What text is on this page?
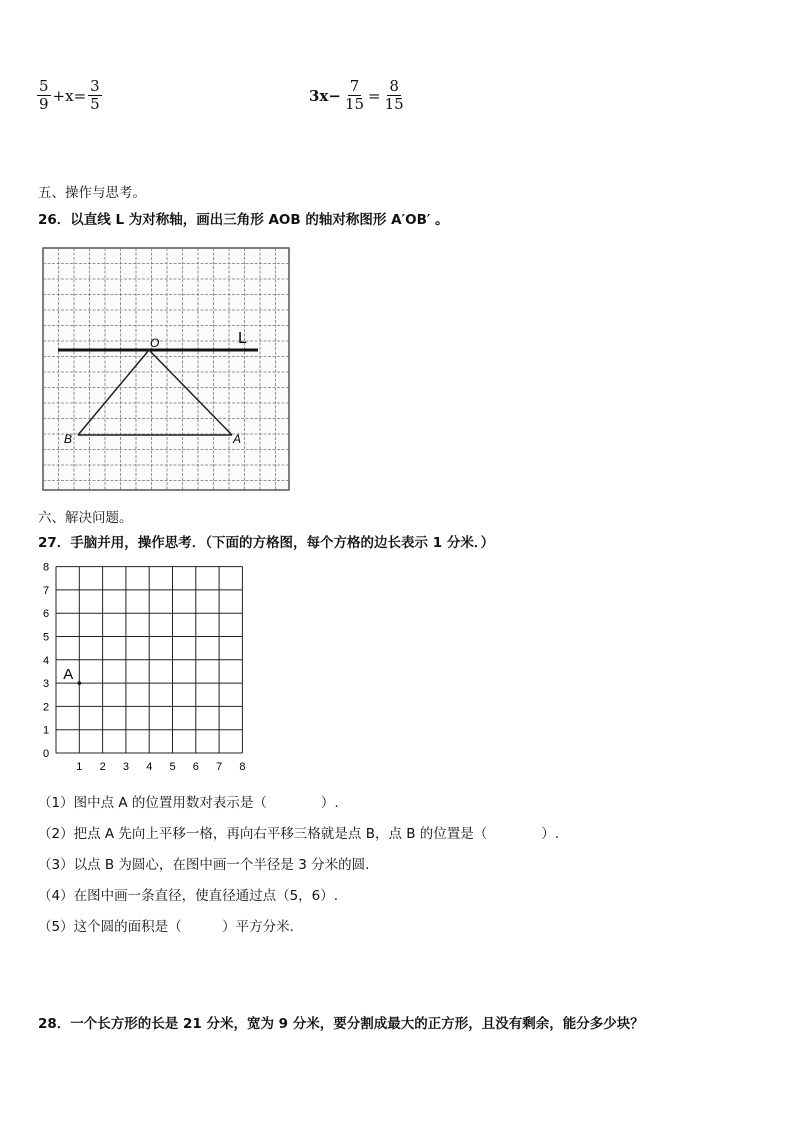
$\frac{5}{9} +x= \frac{3}{5}$	$3x- \frac{7}{15} = \frac{8}{15}$
五、操作与思考。
26．以直线 L 为对称轴，画出三角形 AOB 的轴对称图形 A′OB′ 。
L
O
B	A
六、解决问题。
27．手脑并用，操作思考．（下面的方格图，每个方格的边长表示 1 分米．）
0
1
2
3
4
5
6
7
8
1 2 3 4 5 6 7 8
A
（1）图中点 A 的位置用数对表示是（　　　　）.
（2）把点 A 先向上平移一格，再向右平移三格就是点 B，点 B 的位置是（　　　　）.
（3）以点 B 为圆心，在图中画一个半径是 3 分米的圆.
（4）在图中画一条直径，使直径通过点（5，6）.
（5）这个圆的面积是（　　　）平方分米.
28．一个长方形的长是 21 分米，宽为 9 分米，要分割成最大的正方形，且没有剩余，能分多少块？
